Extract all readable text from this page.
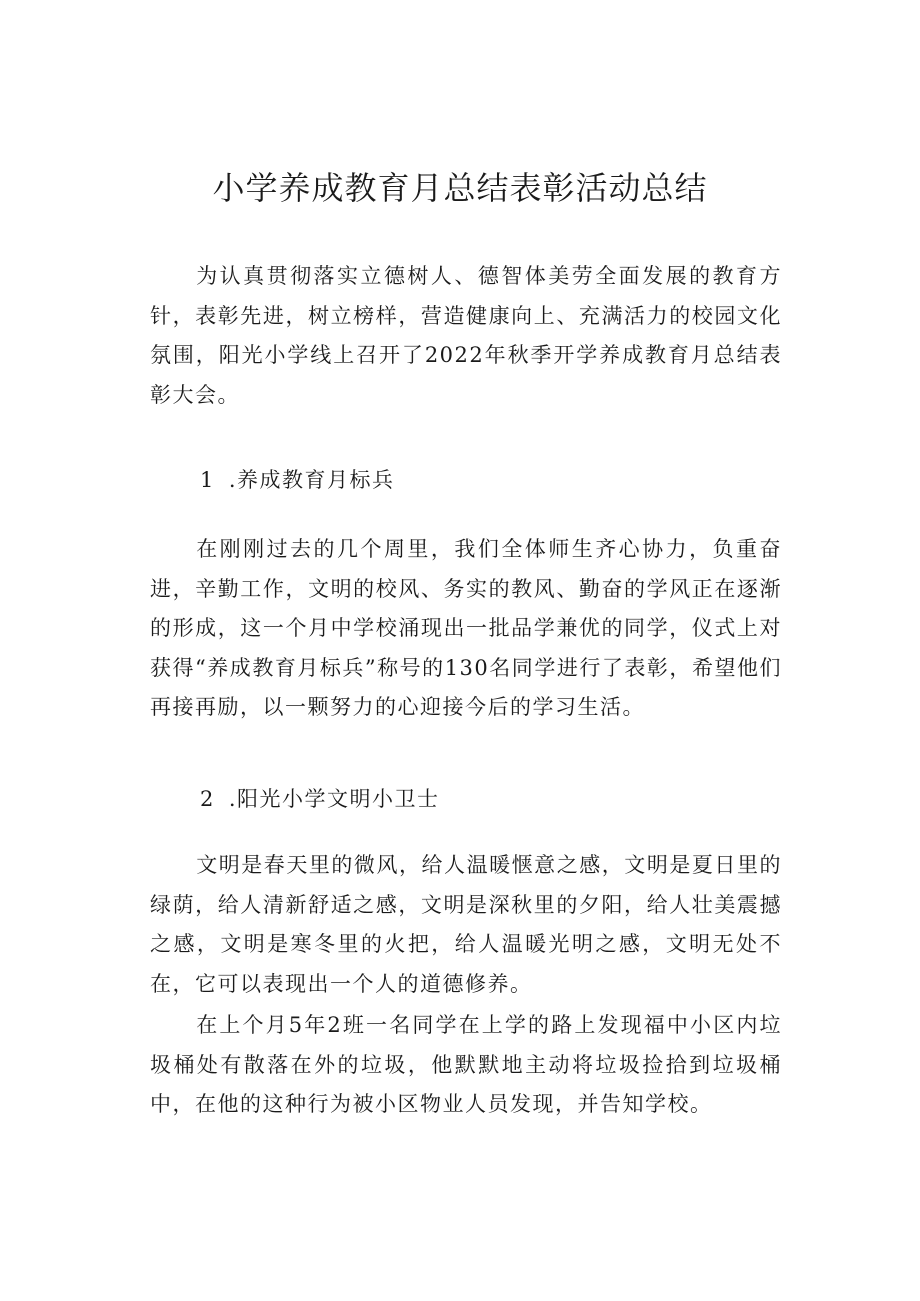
小学养成教育月总结表彰活动总结

为认真贯彻落实立德树人、德智体美劳全面发展的教育方针，表彰先进，树立榜样，营造健康向上、充满活力的校园文化氛围，阳光小学线上召开了2022年秋季开学养成教育月总结表彰大会。

1 .养成教育月标兵

在刚刚过去的几个周里，我们全体师生齐心协力，负重奋进，辛勤工作，文明的校风、务实的教风、勤奋的学风正在逐渐的形成，这一个月中学校涌现出一批品学兼优的同学，仪式上对获得“养成教育月标兵”称号的130名同学进行了表彰，希望他们再接再励，以一颗努力的心迎接今后的学习生活。

2 .阳光小学文明小卫士

文明是春天里的微风，给人温暖惬意之感，文明是夏日里的绿荫，给人清新舒适之感，文明是深秋里的夕阳，给人壮美震撼之感，文明是寒冬里的火把，给人温暖光明之感，文明无处不在，它可以表现出一个人的道德修养。

在上个月5年2班一名同学在上学的路上发现福中小区内垃圾桶处有散落在外的垃圾，他默默地主动将垃圾捡拾到垃圾桶中，在他的这种行为被小区物业人员发现，并告知学校。
